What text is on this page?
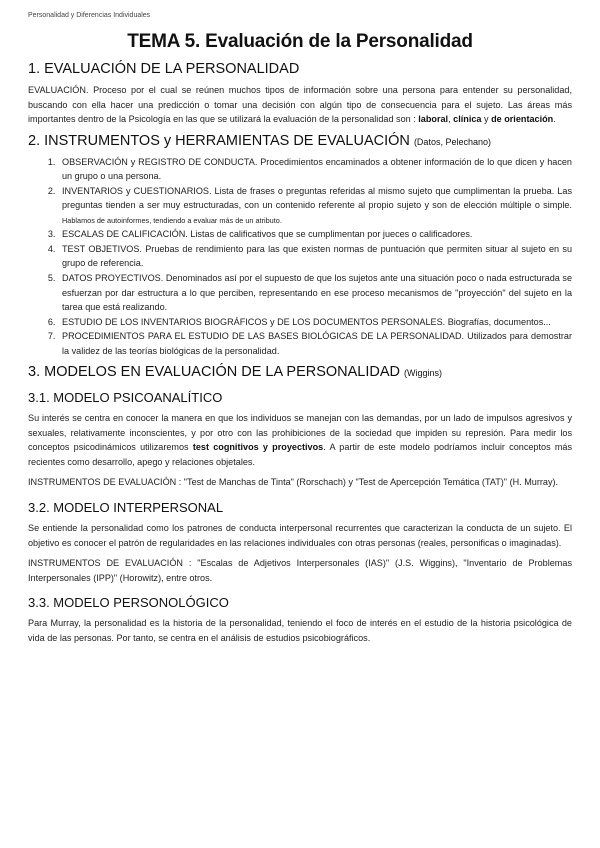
Personalidad y Diferencias Individuales
TEMA 5. Evaluación de la Personalidad
1. EVALUACIÓN DE LA PERSONALIDAD

EVALUACIÓN. Proceso por el cual se reúnen muchos tipos de información sobre una persona para entender su personalidad, buscando con ella hacer una predicción o tomar una decisión con algún tipo de consecuencia para el sujeto. Las áreas más importantes dentro de la Psicología en las que se utilizará la evaluación de la personalidad son : laboral, clínica y de orientación.

2. INSTRUMENTOS y HERRAMIENTAS DE EVALUACIÓN (Datos, Pelechano)
1. OBSERVACIÓN y REGISTRO DE CONDUCTA. Procedimientos encaminados a obtener información de lo que dicen y hacen un grupo o una persona.
2. INVENTARIOS y CUESTIONARIOS. Lista de frases o preguntas referidas al mismo sujeto que cumplimentan la prueba. Las preguntas tienden a ser muy estructuradas, con un contenido referente al propio sujeto y son de elección múltiple o simple. Hablamos de autoinformes, tendiendo a evaluar más de un atributo.
3. ESCALAS DE CALIFICACIÓN. Listas de calificativos que se cumplimentan por jueces o calificadores.
4. TEST OBJETIVOS. Pruebas de rendimiento para las que existen normas de puntuación que permiten situar al sujeto en su grupo de referencia.
5. DATOS PROYECTIVOS. Denominados así por el supuesto de que los sujetos ante una situación poco o nada estructurada se esfuerzan por dar estructura a lo que perciben, representando en ese proceso mecanismos de "proyección" del sujeto en la tarea que está realizando.
6. ESTUDIO DE LOS INVENTARIOS BIOGRÁFICOS y DE LOS DOCUMENTOS PERSONALES. Biografías, documentos...
7. PROCEDIMIENTOS PARA EL ESTUDIO DE LAS BASES BIOLÓGICAS DE LA PERSONALIDAD. Utilizados para demostrar la validez de las teorías biológicas de la personalidad.
3. MODELOS EN EVALUACIÓN DE LA PERSONALIDAD (Wiggins)
3.1. MODELO PSICOANALÍTICO

Su interés se centra en conocer la manera en que los individuos se manejan con las demandas, por un lado de impulsos agresivos y sexuales, relativamente inconscientes, y por otro con las prohibiciones de la sociedad que impiden su represión. Para medir los conceptos psicodinámicos utilizaremos test cognitivos y proyectivos. A partir de este modelo podríamos incluir conceptos más recientes como desarrollo, apego y relaciones objetales.

INSTRUMENTOS DE EVALUACIÓN : "Test de Manchas de Tinta" (Rorschach) y "Test de Apercepción Temática (TAT)" (H. Murray).

3.2. MODELO INTERPERSONAL

Se entiende la personalidad como los patrones de conducta interpersonal recurrentes que caracterizan la conducta de un sujeto. El objetivo es conocer el patrón de regularidades en las relaciones individuales con otras personas (reales, personificas o imaginadas).

INSTRUMENTOS DE EVALUACIÓN : "Escalas de Adjetivos Interpersonales (IAS)" (J.S. Wiggins), "Inventario de Problemas Interpersonales (IPP)" (Horowitz), entre otros.

3.3. MODELO PERSONOLÓGICO

Para Murray, la personalidad es la historia de la personalidad, teniendo el foco de interés en el estudio de la historia psicológica de vida de las personas. Por tanto, se centra en el análisis de estudios psicobiográficos.
